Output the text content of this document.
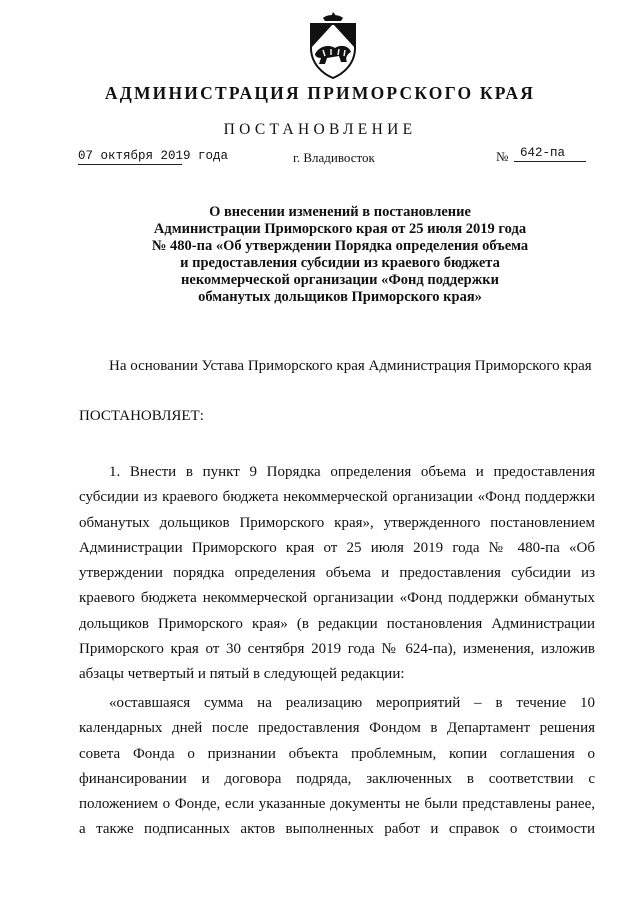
АДМИНИСТРАЦИЯ ПРИМОРСКОГО КРАЯ
ПОСТАНОВЛЕНИЕ
07 октября 2019 года	г. Владивосток	№ 642-па
О внесении изменений в постановление
Администрации Приморского края от 25 июля 2019 года
№ 480-па «Об утверждении Порядка определения объема
и предоставления субсидии из краевого бюджета
некоммерческой организации «Фонд поддержки
обманутых дольщиков Приморского края»
На основании Устава Приморского края Администрация Приморского края
ПОСТАНОВЛЯЕТ:
1. Внести в пункт 9 Порядка определения объема и предоставления
субсидии из краевого бюджета некоммерческой организации «Фонд поддержки
обманутых дольщиков Приморского края», утвержденного постановлением
Администрации Приморского края от 25 июля 2019 года № 480-па «Об
утверждении порядка определения объема и предоставления субсидии из
краевого бюджета некоммерческой организации «Фонд поддержки обманутых
дольщиков Приморского края» (в редакции постановления Администрации
Приморского края от 30 сентября 2019 года № 624-па), изменения, изложив
абзацы четвертый и пятый в следующей редакции:
«оставшаяся сумма на реализацию мероприятий – в течение 10
календарных дней после предоставления Фондом в Департамент решения
совета Фонда о признании объекта проблемным, копии соглашения о
финансировании и договора подряда, заключенных в соответствии с
положением о Фонде, если указанные документы не были представлены ранее,
а также подписанных актов выполненных работ и справок о стоимости
